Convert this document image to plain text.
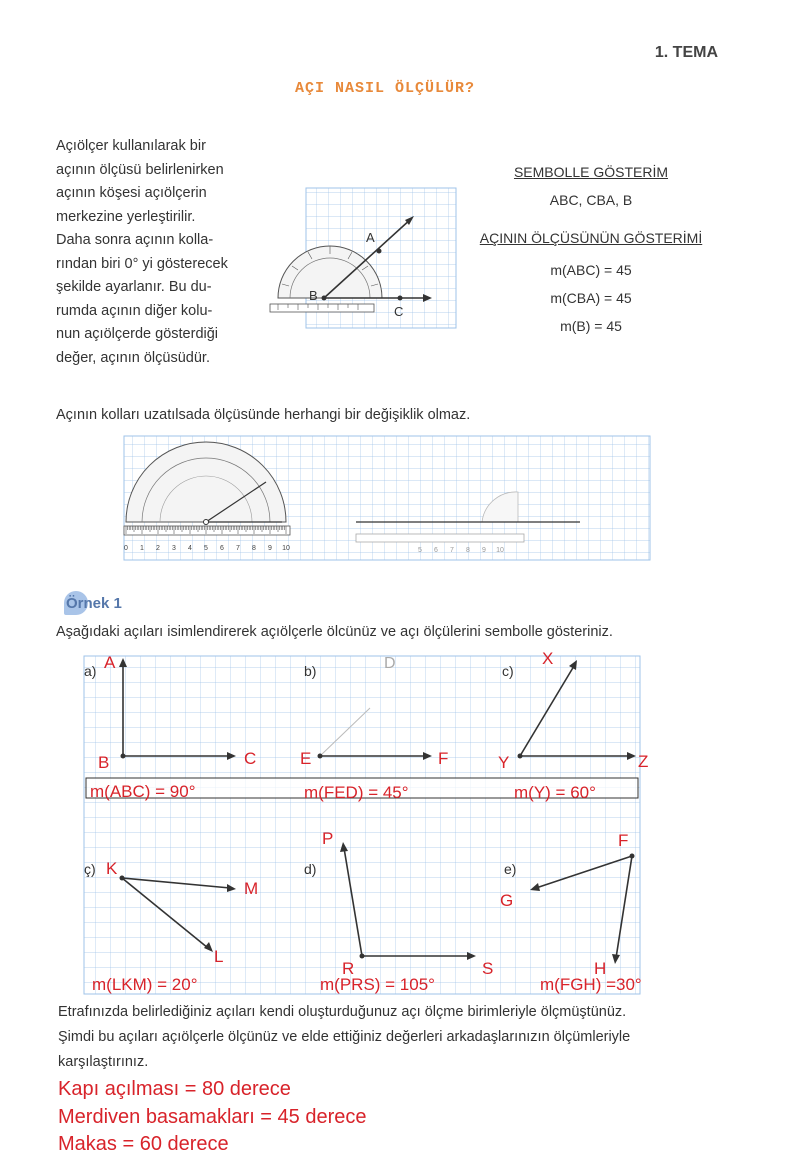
1. TEMA
AÇI NASIL ÖLÇÜLÜR?
Açıölçer kullanılarak bir
açının ölçüsü belirlenirken
açının köşesi açıölçerin
merkezine yerleştirilir.
Daha sonra açının kolla-
rından biri 0° yi gösterecek
şekilde ayarlanır. Bu du-
rumda açının diğer kolu-
nun açıölçerde gösterdiği
değer, açının ölçüsüdür.
A
B
C
SEMBOLLE GÖSTERİM
ABC, CBA, B
AÇININ ÖLÇÜSÜNÜN GÖSTERİMİ
m(ABC) = 45
m(CBA) = 45
m(B) = 45
Açının kolları uzatılsada ölçüsünde herhangi bir değişiklik olmaz.
0 1 2 3 4 5 6 7 8 9 10	5 6 7 8 9 10
Örnek 1
Aşağıdaki açıları isimlendirerek açıölçerle ölcünüz ve açı ölçülerini sembolle gösteriniz.
a) A
B	C
m(ABC) = 90°
b)	D
E	F
m(FED) = 45°
c)
X
Y	Z
m(Y) = 60°
ç) K
M
L
m(LKM) = 20°
d)
P
R	S
m(PRS) = 105°
e)
F
G
H
m(FGH) =30°
Etrafınızda belirlediğiniz açıları kendi oluşturduğunuz açı ölçme birimleriyle ölçmüştünüz.
Şimdi bu açıları açıölçerle ölçünüz ve elde ettiğiniz değerleri arkadaşlarınızın ölçümleriyle
karşılaştırınız.
Kapı açılması = 80 derece
Merdiven basamakları = 45 derece
Makas = 60 derece
